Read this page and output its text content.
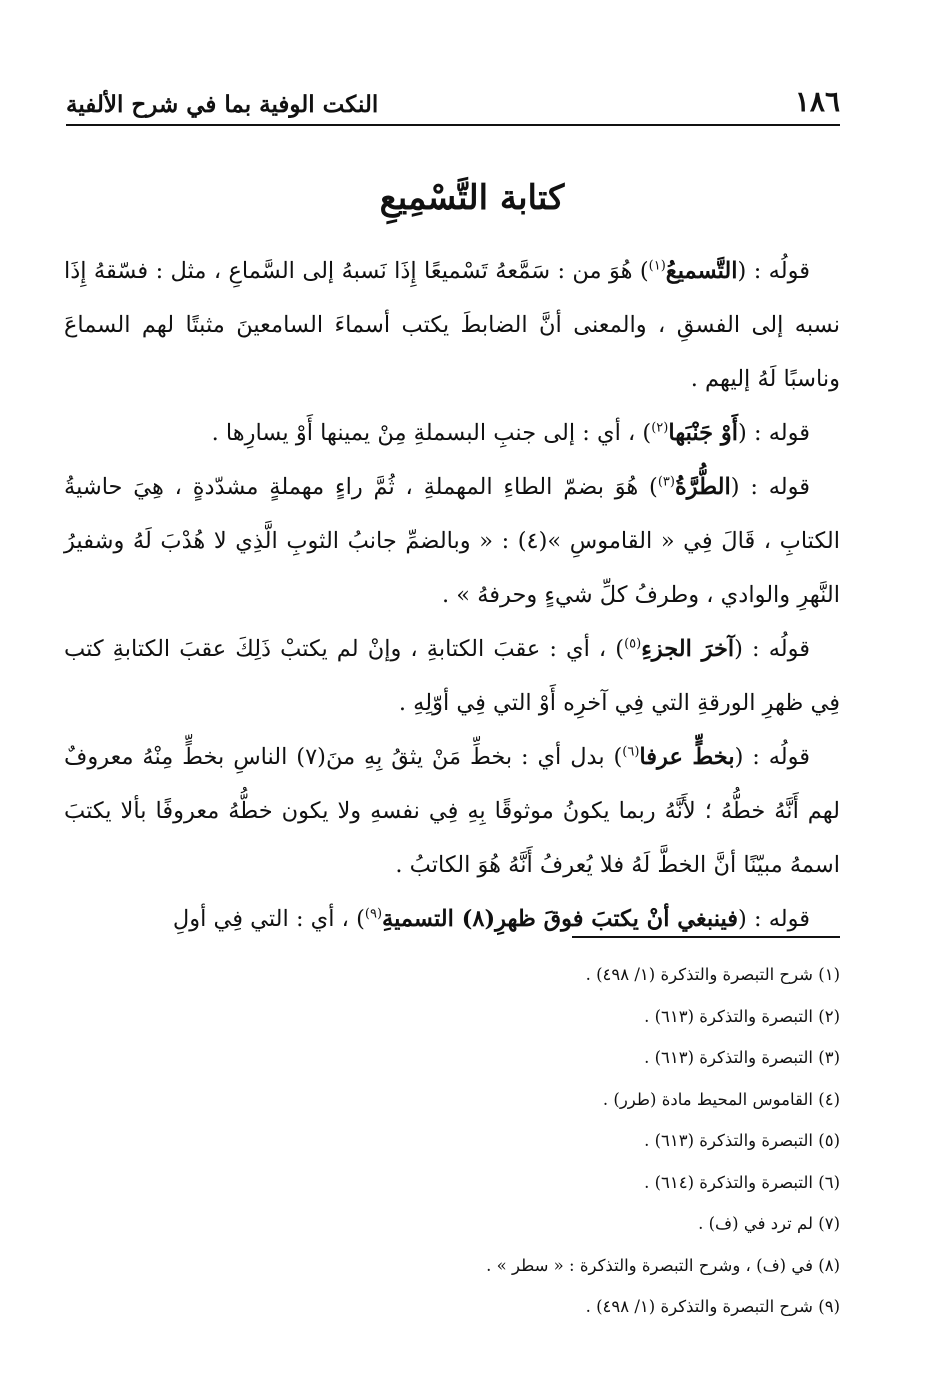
١٨٦
النكت الوفية بما في شرح الألفية
كتابة التَّسْمِيعِ

قولُه : (التَّسميعُ$^{(١)}$) هُوَ من : سَمَّعهُ تَسْميعًا إِذَا نَسبهُ إلى السَّماعِ ، مثل : فسّقهُ إِذَا نسبه إلى الفسقِ ، والمعنى أنَّ الضابطَ يكتب أسماءَ السامعينَ مثبتًا لهم السماعَ وناسبًا لَهُ إليهم .

قوله : (أَوْ جَنْبَها$^{(٢)}$) ، أي : إلى جنبِ البسملةِ مِنْ يمينها أَوْ يسارِها .

قوله : (الطُّرَّةُ$^{(٣)}$) هُوَ بضمّ الطاءِ المهملةِ ، ثُمَّ راءٍ مهملةٍ مشدّدةٍ ، هِيَ حاشيةُ الكتابِ ، قَالَ فِي « القاموسِ »(٤) : « وبالضمِّ جانبُ الثوبِ الَّذِي لا هُدْبَ لَهُ وشفيرُ النَّهرِ والوادي ، وطرفُ كلِّ شيءٍ وحرفهُ » .

قولُه : (آخرَ الجزءِ$^{(٥)}$) ، أي : عقبَ الكتابةِ ، وإنْ لم يكتبْ ذَلِكَ عقبَ الكتابةِ كتب فِي ظهرِ الورقةِ التي فِي آخرِه أَوْ التي فِي أوّلِهِ .

قولُه : (بخطٍّ عرفا$^{(٦)}$) بدل أي : بخطِّ مَنْ يثقُ بِهِ منَ(٧) الناسِ بخطٍّ مِنْهُ معروفٌ لهم أَنَّهُ خطُّهُ ؛ لأَنَّهُ ربما يكونُ موثوقًا بِهِ فِي نفسهِ ولا يكون خطُّهُ معروفًا بألا يكتبَ اسمهُ مبيّنًا أنَّ الخطَّ لَهُ فلا يُعرفُ أَنَّهُ هُوَ الكاتبُ .

قوله : (فينبغي أنْ يكتبَ فوقَ ظهرِ(٨) التسميةِ$^{(٩)}$) ، أي : التي فِي أولِ

(١) شرح التبصرة والتذكرة (١/ ٤٩٨) .
(٢) التبصرة والتذكرة (٦١٣) .
(٣) التبصرة والتذكرة (٦١٣) .
(٤) القاموس المحيط مادة (طرر) .
(٥) التبصرة والتذكرة (٦١٣) .
(٦) التبصرة والتذكرة (٦١٤) .
(٧) لم ترد في (ف) .
(٨) في (ف) ، وشرح التبصرة والتذكرة : « سطر » .
(٩) شرح التبصرة والتذكرة (١/ ٤٩٨) .
